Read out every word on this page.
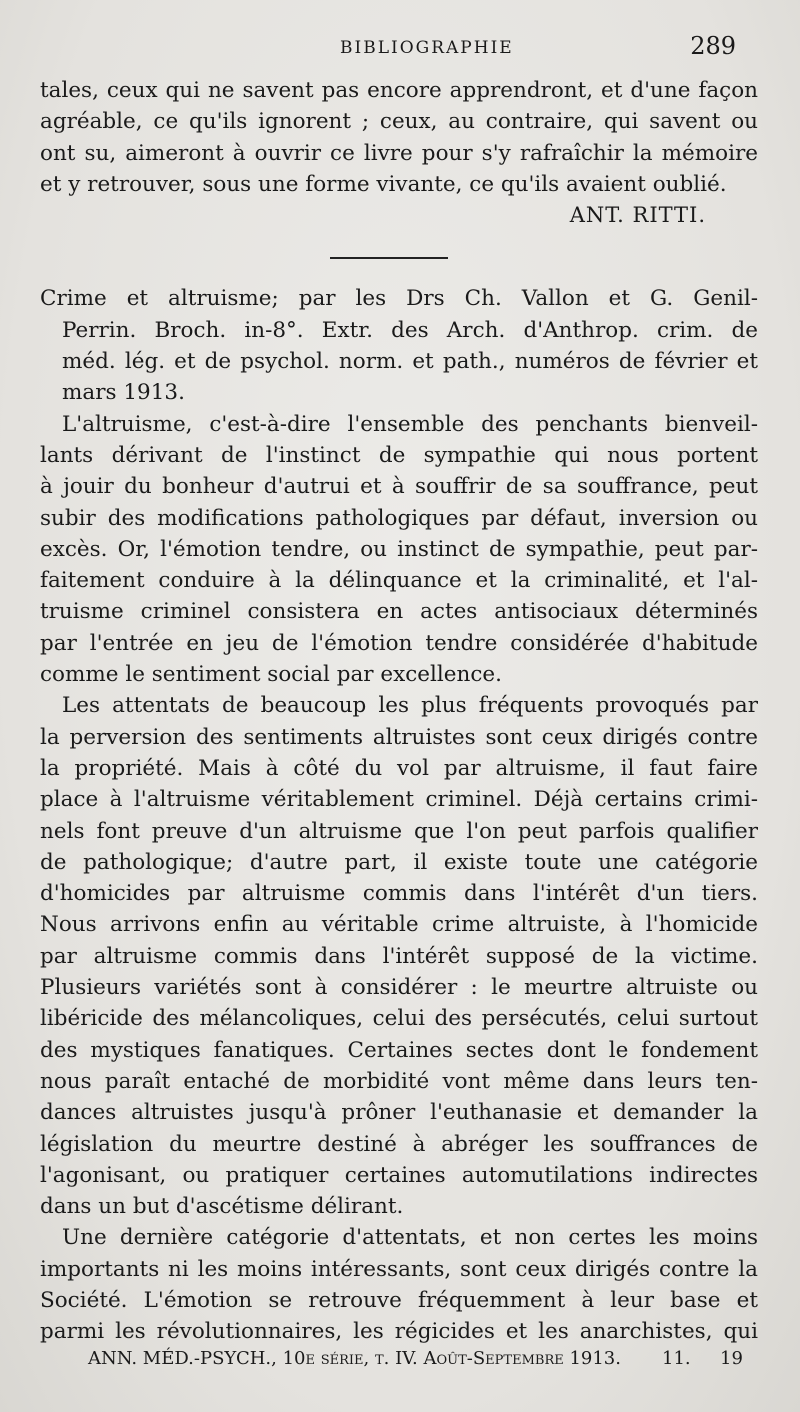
BIBLIOGRAPHIE	289

tales, ceux qui ne savent pas encore apprendront, et d'une façon
agréable, ce qu'ils ignorent ; ceux, au contraire, qui savent ou
ont su, aimeront à ouvrir ce livre pour s'y rafraîchir la mémoire
et y retrouver, sous une forme vivante, ce qu'ils avaient oublié.

ANT. RITTI.

Crime et altruisme; par les Drs Ch. Vallon et G. Genil-
Perrin. Broch. in-8°. Extr. des Arch. d'Anthrop. crim. de
méd. lég. et de psychol. norm. et path., numéros de février et
mars 1913.

L'altruisme, c'est-à-dire l'ensemble des penchants bienveil-
lants dérivant de l'instinct de sympathie qui nous portent
à jouir du bonheur d'autrui et à souffrir de sa souffrance, peut
subir des modifications pathologiques par défaut, inversion ou
excès. Or, l'émotion tendre, ou instinct de sympathie, peut par-
faitement conduire à la délinquance et la criminalité, et l'al-
truisme criminel consistera en actes antisociaux déterminés
par l'entrée en jeu de l'émotion tendre considérée d'habitude
comme le sentiment social par excellence.

Les attentats de beaucoup les plus fréquents provoqués par
la perversion des sentiments altruistes sont ceux dirigés contre
la propriété. Mais à côté du vol par altruisme, il faut faire
place à l'altruisme véritablement criminel. Déjà certains crimi-
nels font preuve d'un altruisme que l'on peut parfois qualifier
de pathologique; d'autre part, il existe toute une catégorie
d'homicides par altruisme commis dans l'intérêt d'un tiers.
Nous arrivons enfin au véritable crime altruiste, à l'homicide
par altruisme commis dans l'intérêt supposé de la victime.
Plusieurs variétés sont à considérer : le meurtre altruiste ou
libéricide des mélancoliques, celui des persécutés, celui surtout
des mystiques fanatiques. Certaines sectes dont le fondement
nous paraît entaché de morbidité vont même dans leurs ten-
dances altruistes jusqu'à prôner l'euthanasie et demander la
législation du meurtre destiné à abréger les souffrances de
l'agonisant, ou pratiquer certaines automutilations indirectes
dans un but d'ascétisme délirant.

Une dernière catégorie d'attentats, et non certes les moins
importants ni les moins intéressants, sont ceux dirigés contre la
Société. L'émotion se retrouve fréquemment à leur base et
parmi les révolutionnaires, les régicides et les anarchistes, qui

ANN. MÉD.-PSYCH., 10e série, t. IV. Août-Septembre 1913. 11. 19
